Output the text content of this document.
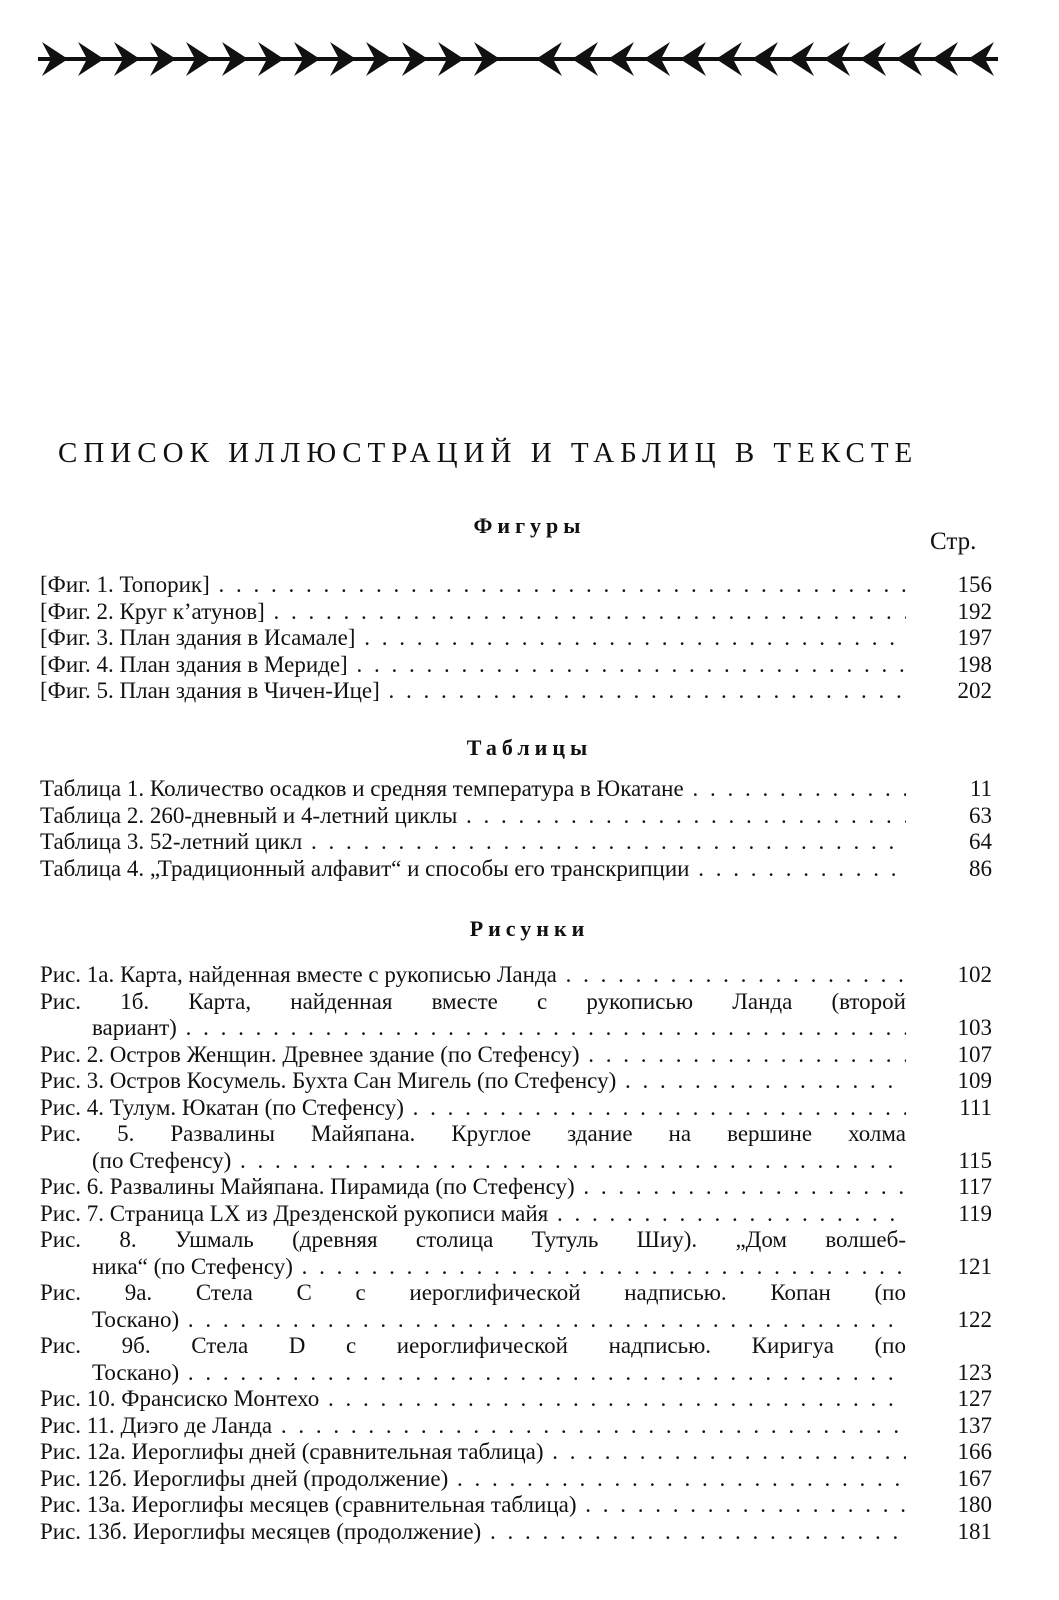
СПИСОК ИЛЛЮСТРАЦИЙ И ТАБЛИЦ В ТЕКСТЕ
Фигуры
Стр.
[Фиг. 1. Топорик] . . .	156
[Фиг. 2. Круг к’атунов] . . .	192
[Фиг. 3. План здания в Исамале] . . .	197
[Фиг. 4. План здания в Мериде] . . .	198
[Фиг. 5. План здания в Чичен-Ице] . . .	202
Таблицы
Таблица 1. Количество осадков и средняя температура в Юкатане . . .	11
Таблица 2. 260-дневный и 4-летний циклы . . .	63
Таблица 3. 52-летний цикл . . .	64
Таблица 4. „Традиционный алфавит“ и способы его транскрипции . . .	86
Рисунки
Рис. 1а. Карта, найденная вместе с рукописью Ланда . . .	102
Рис. 1б. Карта, найденная вместе с рукописью Ланда (второй
вариант) . . .	103
Рис. 2. Остров Женщин. Древнее здание (по Стефенсу) . . .	107
Рис. 3. Остров Косумель. Бухта Сан Мигель (по Стефенсу) . . .	109
Рис. 4. Тулум. Юкатан (по Стефенсу) . . .	111
Рис. 5. Развалины Майяпана. Круглое здание на вершине холма
(по Стефенсу) . . .	115
Рис. 6. Развалины Майяпана. Пирамида (по Стефенсу) . . .	117
Рис. 7. Страница LX из Дрезденской рукописи майя . . .	119
Рис. 8. Ушмаль (древняя столица Тутуль Шиу). „Дом волшеб-
ника“ (по Стефенсу) . . .	121
Рис. 9а. Стела С с иероглифической надписью. Копан (по
Тоскано) . . .	122
Рис. 9б. Стела D с иероглифической надписью. Киригуа (по
Тоскано) . . .	123
Рис. 10. Франсиско Монтехо . . .	127
Рис. 11. Диэго де Ланда . . .	137
Рис. 12а. Иероглифы дней (сравнительная таблица) . . .	166
Рис. 12б. Иероглифы дней (продолжение) . . .	167
Рис. 13а. Иероглифы месяцев (сравнительная таблица) . . .	180
Рис. 13б. Иероглифы месяцев (продолжение) . . .	181
